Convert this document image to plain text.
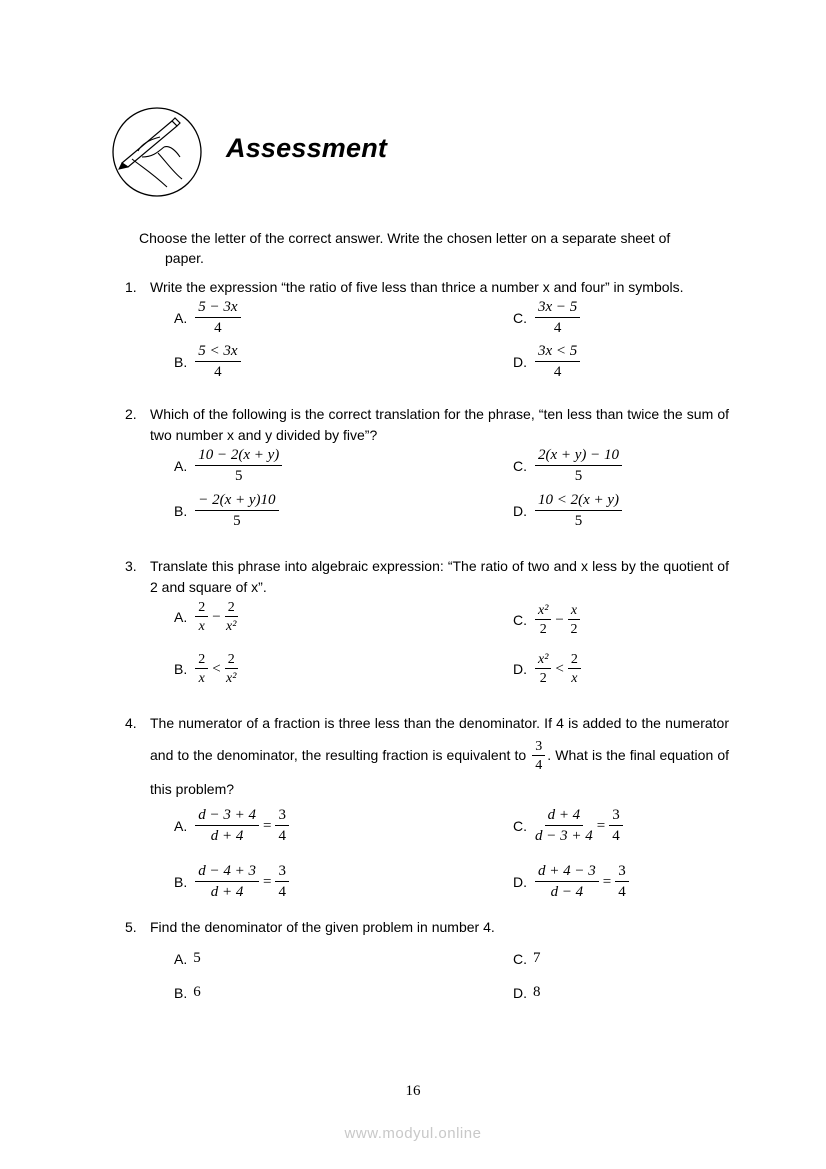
Assessment
Choose the letter of the correct answer. Write the chosen letter on a separate sheet of
paper.
1. Write the expression “the ratio of five less than thrice a number x and four” in symbols.
A. $\frac{5 - 3x}{4}$
B. $\frac{5 < 3x}{4}$
C. $\frac{3x - 5}{4}$
D. $\frac{3x < 5}{4}$
2. Which of the following is the correct translation for the phrase, “ten less than twice the sum of two number x and y divided by five”?
A. $\frac{10 - 2(x + y)}{5}$
B. $\frac{- 2(x + y)10}{5}$
C. $\frac{2(x + y) - 10}{5}$
D. $\frac{10 < 2(x + y)}{5}$
3. Translate this phrase into algebraic expression: “The ratio of two and x less by the quotient of 2 and square of x”.
A. $\frac{2}{x} - \frac{2}{\text{x²}}$
B. $\frac{2}{x} < \frac{2}{\text{x²}}$
C. $\frac{\text{x²}}{2} - \frac{x}{2}$
D. $\frac{\text{x²}}{2} < \frac{2}{x}$
4. The numerator of a fraction is three less than the denominator. If 4 is added to the numerator and to the denominator, the resulting fraction is equivalent to $\frac{3}{4}$ . What is the final equation of this problem?
A. $\frac{d - 3 + 4}{d + 4} = \frac{3}{4}$
B. $\frac{d - 4 + 3}{d + 4} = \frac{3}{4}$
C. $\frac{d + 4}{d - 3 + 4} = \frac{3}{4}$
D. $\frac{d + 4 - 3}{d - 4} = \frac{3}{4}$
5. Find the denominator of the given problem in number 4.
A. 5
B. 6
C. 7
D. 8
16
www.modyul.online
